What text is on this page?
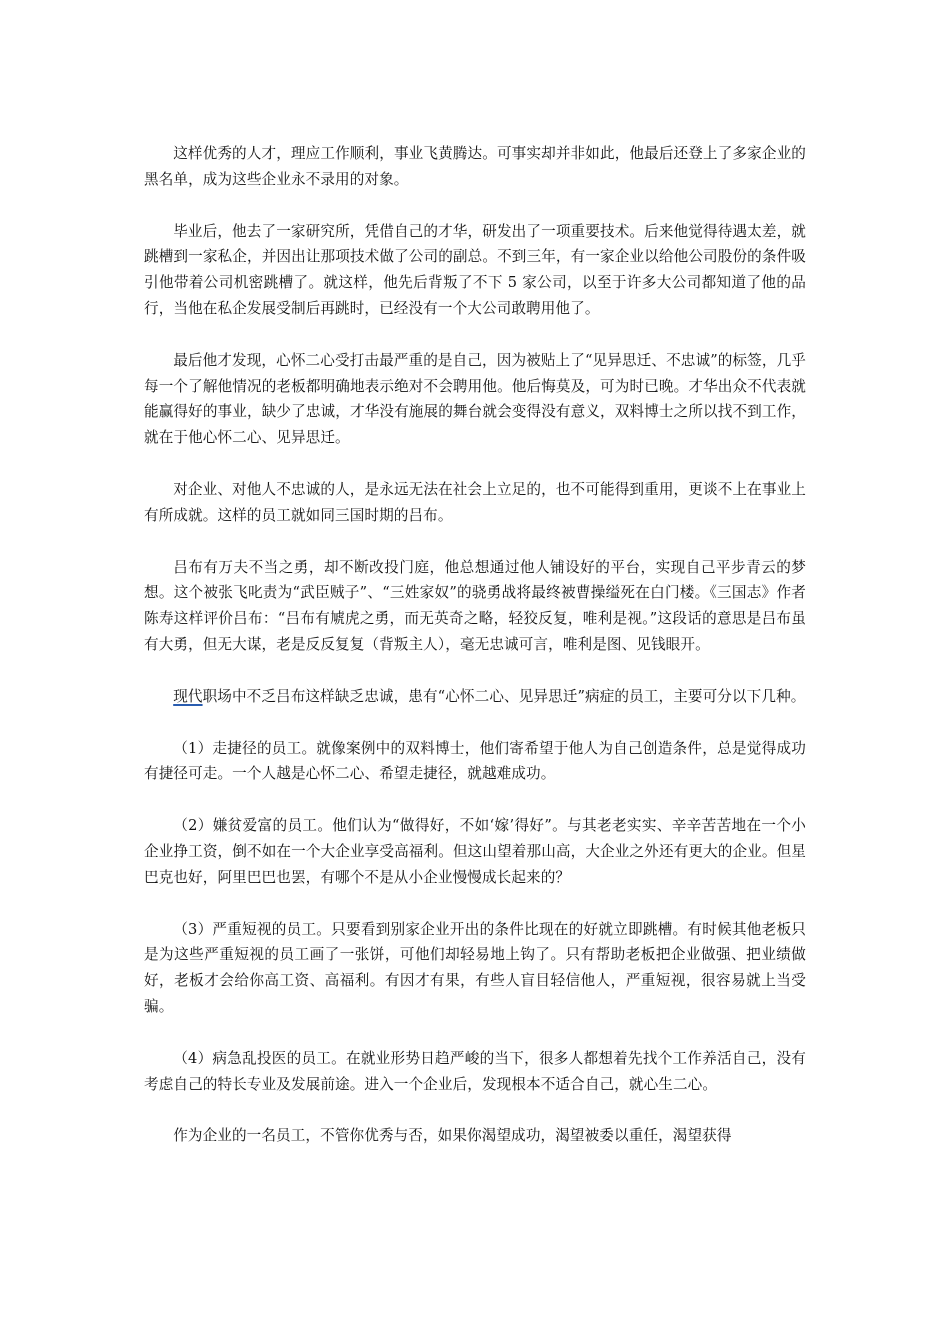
这样优秀的人才，理应工作顺利，事业飞黄腾达。可事实却并非如此，他最后还登上了多家企业的黑名单，成为这些企业永不录用的对象。

毕业后，他去了一家研究所，凭借自己的才华，研发出了一项重要技术。后来他觉得待遇太差，就跳槽到一家私企，并因出让那项技术做了公司的副总。不到三年，有一家企业以给他公司股份的条件吸引他带着公司机密跳槽了。就这样，他先后背叛了不下 5 家公司，以至于许多大公司都知道了他的品行，当他在私企发展受制后再跳时，已经没有一个大公司敢聘用他了。

最后他才发现，心怀二心受打击最严重的是自己，因为被贴上了“见异思迁、不忠诚”的标签，几乎每一个了解他情况的老板都明确地表示绝对不会聘用他。他后悔莫及，可为时已晚。才华出众不代表就能赢得好的事业，缺少了忠诚，才华没有施展的舞台就会变得没有意义，双料博士之所以找不到工作，就在于他心怀二心、见异思迁。

对企业、对他人不忠诚的人，是永远无法在社会上立足的，也不可能得到重用，更谈不上在事业上有所成就。这样的员工就如同三国时期的吕布。

吕布有万夫不当之勇，却不断改投门庭，他总想通过他人铺设好的平台，实现自己平步青云的梦想。这个被张飞叱责为“武臣贼子”、“三姓家奴”的骁勇战将最终被曹操缢死在白门楼。《三国志》作者陈寿这样评价吕布：“吕布有虓虎之勇，而无英奇之略，轻狡反复，唯利是视。”这段话的意思是吕布虽有大勇，但无大谋，老是反反复复（背叛主人），毫无忠诚可言，唯利是图、见钱眼开。

现代职场中不乏吕布这样缺乏忠诚，患有“心怀二心、见异思迁”病症的员工，主要可分以下几种。

（1）走捷径的员工。就像案例中的双料博士，他们寄希望于他人为自己创造条件，总是觉得成功有捷径可走。一个人越是心怀二心、希望走捷径，就越难成功。

（2）嫌贫爱富的员工。他们认为“做得好，不如‘嫁’得好”。与其老老实实、辛辛苦苦地在一个小企业挣工资，倒不如在一个大企业享受高福利。但这山望着那山高，大企业之外还有更大的企业。但星巴克也好，阿里巴巴也罢，有哪个不是从小企业慢慢成长起来的？

（3）严重短视的员工。只要看到别家企业开出的条件比现在的好就立即跳槽。有时候其他老板只是为这些严重短视的员工画了一张饼，可他们却轻易地上钩了。只有帮助老板把企业做强、把业绩做好，老板才会给你高工资、高福利。有因才有果，有些人盲目轻信他人，严重短视，很容易就上当受骗。

（4）病急乱投医的员工。在就业形势日趋严峻的当下，很多人都想着先找个工作养活自己，没有考虑自己的特长专业及发展前途。进入一个企业后，发现根本不适合自己，就心生二心。

作为企业的一名员工，不管你优秀与否，如果你渴望成功，渴望被委以重任，渴望获得
